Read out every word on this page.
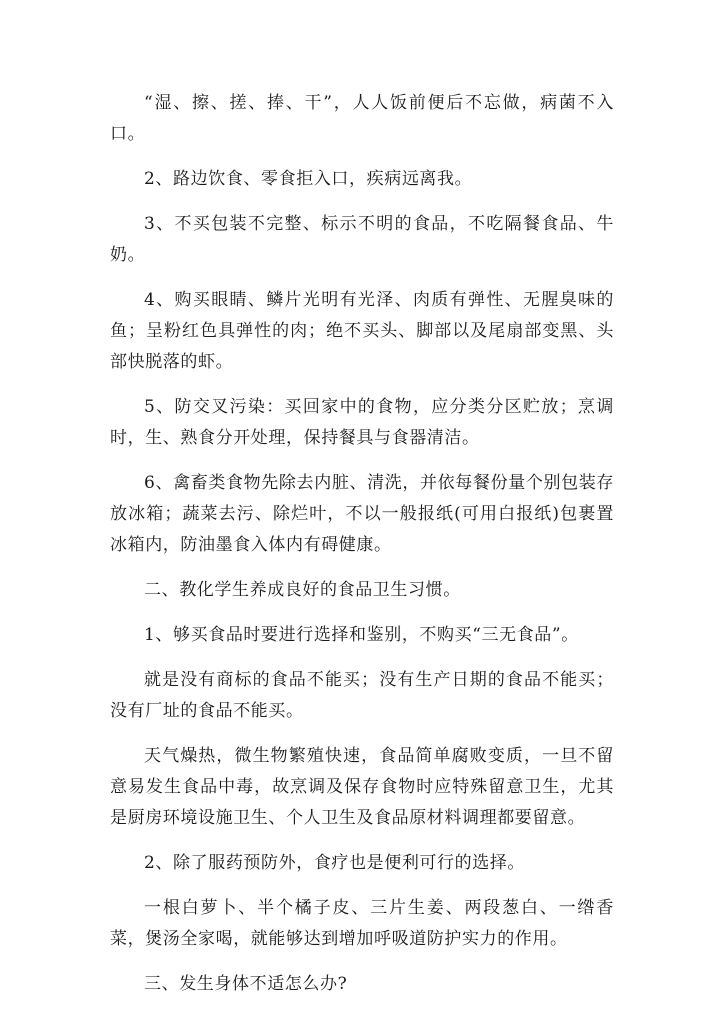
“湿、擦、搓、捧、干”，人人饭前便后不忘做，病菌不入口。

2、路边饮食、零食拒入口，疾病远离我。

3、不买包装不完整、标示不明的食品，不吃隔餐食品、牛奶。

4、购买眼睛、鳞片光明有光泽、肉质有弹性、无腥臭味的鱼；呈粉红色具弹性的肉；绝不买头、脚部以及尾扇部变黑、头部快脱落的虾。

5、防交叉污染：买回家中的食物，应分类分区贮放；烹调时，生、熟食分开处理，保持餐具与食器清洁。

6、禽畜类食物先除去内脏、清洗，并依每餐份量个别包装存放冰箱；蔬菜去污、除烂叶，不以一般报纸(可用白报纸)包裹置冰箱内，防油墨食入体内有碍健康。

二、教化学生养成良好的食品卫生习惯。

1、够买食品时要进行选择和鉴别，不购买“三无食品”。

就是没有商标的食品不能买；没有生产日期的食品不能买；没有厂址的食品不能买。

天气燥热，微生物繁殖快速，食品简单腐败变质，一旦不留意易发生食品中毒，故烹调及保存食物时应特殊留意卫生，尤其是厨房环境设施卫生、个人卫生及食品原材料调理都要留意。

2、除了服药预防外，食疗也是便利可行的选择。

一根白萝卜、半个橘子皮、三片生姜、两段葱白、一绺香菜，煲汤全家喝，就能够达到增加呼吸道防护实力的作用。

三、发生身体不适怎么办?
